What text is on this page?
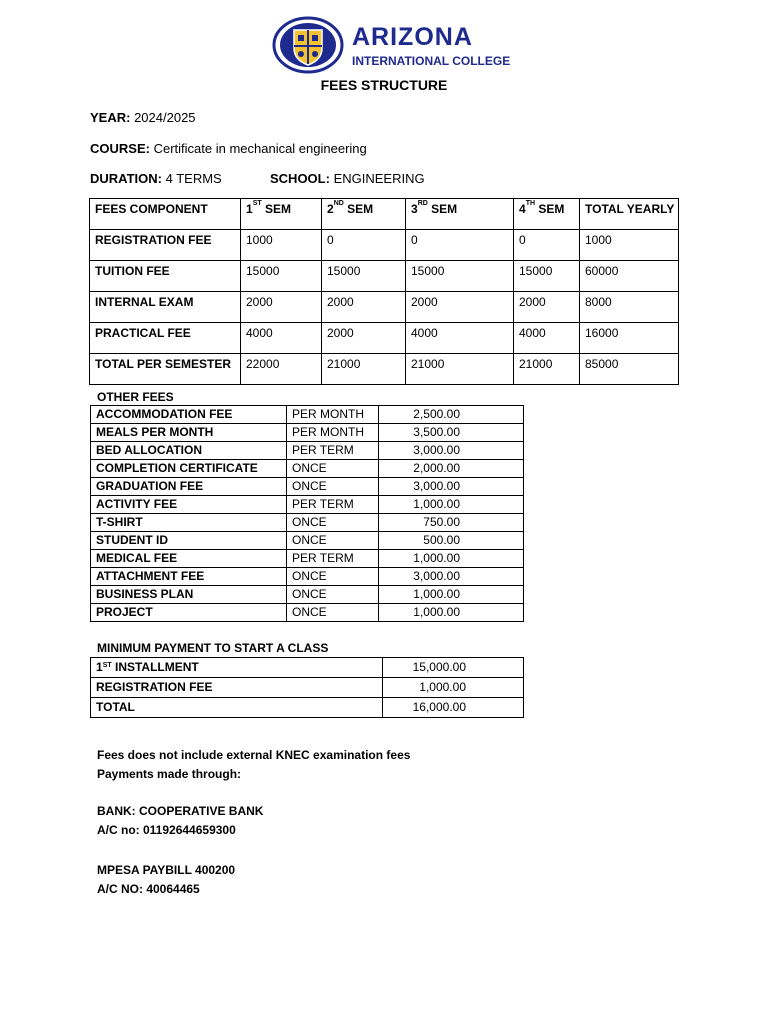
ARIZONA
INTERNATIONAL COLLEGE
FEES STRUCTURE
YEAR: 2024/2025
COURSE: Certificate in mechanical engineering
DURATION: 4 TERMS	SCHOOL: ENGINEERING
FEES COMPONENT	1ST SEM	2ND SEM	3RD SEM	4TH SEM	TOTAL YEARLY
REGISTRATION FEE	1000	0	0	0	1000
TUITION FEE	15000	15000	15000	15000	60000
INTERNAL EXAM	2000	2000	2000	2000	8000
PRACTICAL FEE	4000	2000	4000	4000	16000
TOTAL PER SEMESTER	22000	21000	21000	21000	85000
OTHER FEES
ACCOMMODATION FEE	PER MONTH	2,500.00
MEALS PER MONTH	PER MONTH	3,500.00
BED ALLOCATION	PER TERM	3,000.00
COMPLETION CERTIFICATE	ONCE	2,000.00
GRADUATION FEE	ONCE	3,000.00
ACTIVITY FEE	PER TERM	1,000.00
T-SHIRT	ONCE	750.00
STUDENT ID	ONCE	500.00
MEDICAL FEE	PER TERM	1,000.00
ATTACHMENT FEE	ONCE	3,000.00
BUSINESS PLAN	ONCE	1,000.00
PROJECT	ONCE	1,000.00
MINIMUM PAYMENT TO START A CLASS
1ST INSTALLMENT	15,000.00
REGISTRATION FEE	1,000.00
TOTAL	16,000.00
Fees does not include external KNEC examination fees
Payments made through:
BANK: COOPERATIVE BANK
A/C no: 01192644659300
MPESA PAYBILL 400200
A/C NO: 40064465
